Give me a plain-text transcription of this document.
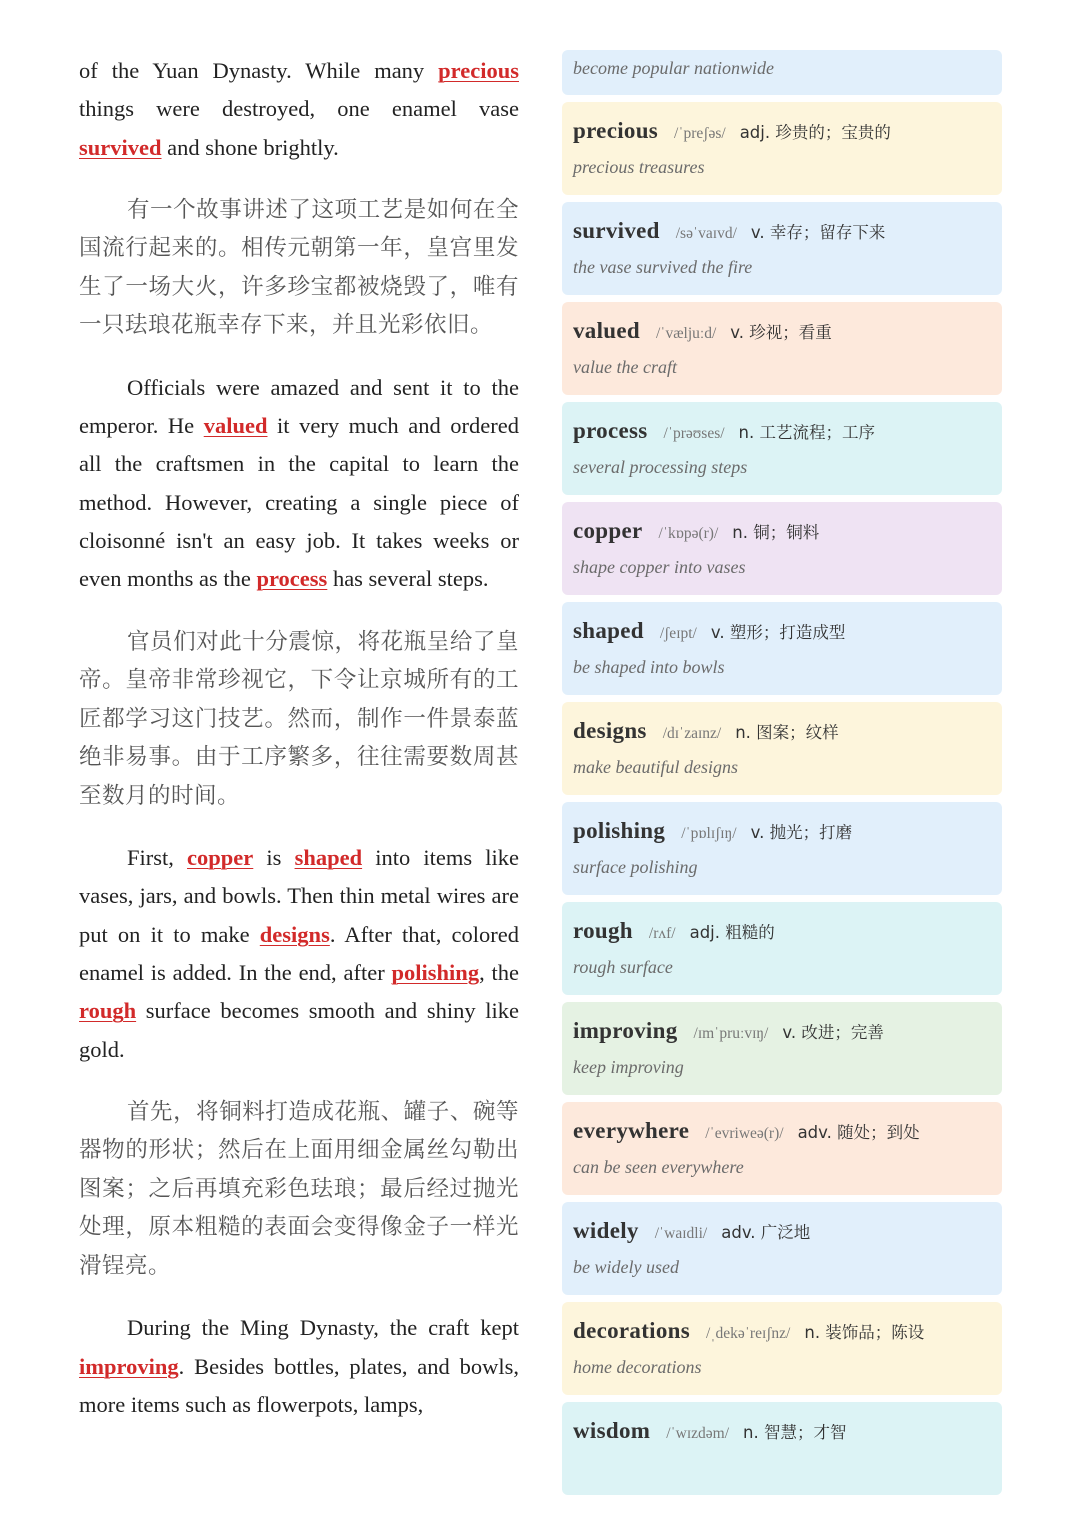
of the Yuan Dynasty. While many precious things were destroyed, one enamel vase survived and shone brightly.

有一个故事讲述了这项工艺是如何在全国流行起来的。相传元朝第一年，皇宫里发生了一场大火，许多珍宝都被烧毁了，唯有一只珐琅花瓶幸存下来，并且光彩依旧。

Officials were amazed and sent it to the emperor. He valued it very much and ordered all the craftsmen in the capital to learn the method. However, creating a single piece of cloisonné isn't an easy job. It takes weeks or even months as the process has several steps.

官员们对此十分震惊，将花瓶呈给了皇帝。皇帝非常珍视它，下令让京城所有的工匠都学习这门技艺。然而，制作一件景泰蓝绝非易事。由于工序繁多，往往需要数周甚至数月的时间。

First, copper is shaped into items like vases, jars, and bowls. Then thin metal wires are put on it to make designs. After that, colored enamel is added. In the end, after polishing, the rough surface becomes smooth and shiny like gold.

首先，将铜料打造成花瓶、罐子、碗等器物的形状；然后在上面用细金属丝勾勒出图案；之后再填充彩色珐琅；最后经过抛光处理，原本粗糙的表面会变得像金子一样光滑锃亮。

During the Ming Dynasty, the craft kept improving. Besides bottles, plates, and bowls, more items such as flowerpots, lamps,

become popular nationwide
precious /ˈpreʃəs/ adj. 珍贵的；宝贵的
precious treasures
survived /səˈvaɪvd/ v. 幸存；留存下来
the vase survived the fire
valued /ˈvæljuːd/ v. 珍视；看重
value the craft
process /ˈprəʊses/ n. 工艺流程；工序
several processing steps
copper /ˈkɒpə(r)/ n. 铜；铜料
shape copper into vases
shaped /ʃeɪpt/ v. 塑形；打造成型
be shaped into bowls
designs /dɪˈzaɪnz/ n. 图案；纹样
make beautiful designs
polishing /ˈpɒlɪʃɪŋ/ v. 抛光；打磨
surface polishing
rough /rʌf/ adj. 粗糙的
rough surface
improving /ɪmˈpruːvɪŋ/ v. 改进；完善
keep improving
everywhere /ˈevriweə(r)/ adv. 随处；到处
can be seen everywhere
widely /ˈwaɪdli/ adv. 广泛地
be widely used
decorations /ˌdekəˈreɪʃnz/ n. 装饰品；陈设
home decorations
wisdom /ˈwɪzdəm/ n. 智慧；才智
